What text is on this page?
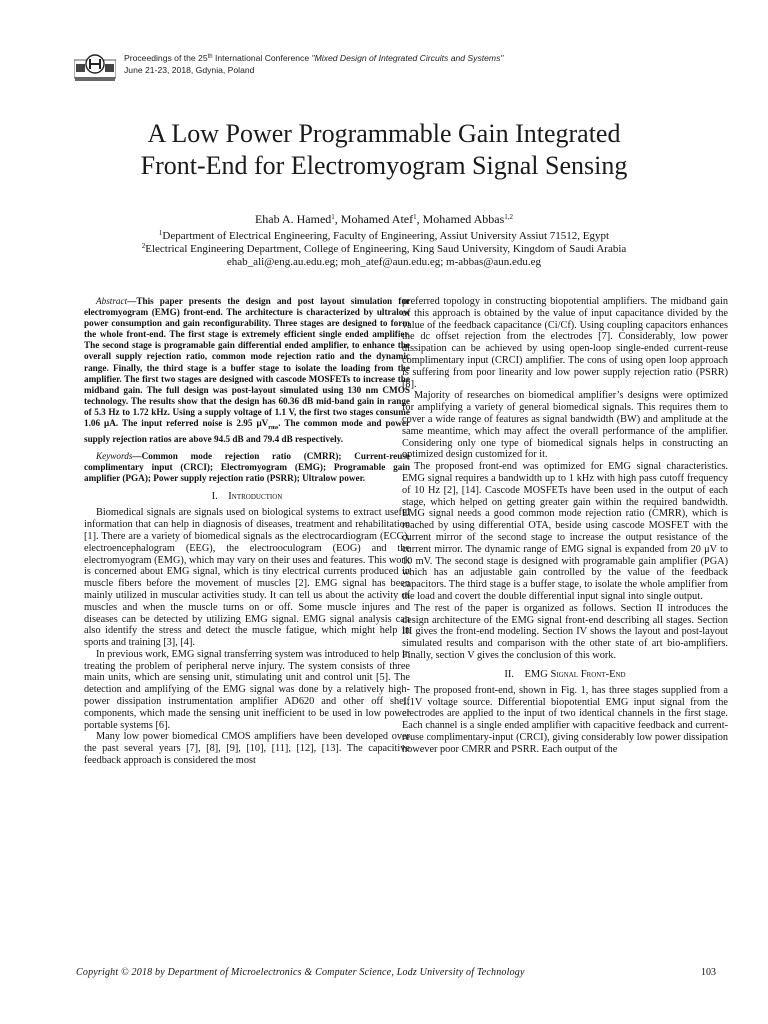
Proceedings of the 25th International Conference "Mixed Design of Integrated Circuits and Systems"
June 21-23, 2018, Gdynia, Poland
A Low Power Programmable Gain Integrated
Front-End for Electromyogram Signal Sensing
Ehab A. Hamed$^1$, Mohamed Atef$^1$, Mohamed Abbas$^{1,2}$
$^1$Department of Electrical Engineering, Faculty of Engineering, Assiut University Assiut 71512, Egypt
$^2$Electrical Engineering Department, College of Engineering, King Saud University, Kingdom of Saudi Arabia
ehab_ali@eng.au.edu.eg; moh_atef@aun.edu.eg; m-abbas@aun.edu.eg

Abstract—This paper presents the design and post layout simulation for electromyogram (EMG) front-end. The architecture is characterized by ultralow power consumption and gain reconfigurability. Three stages are designed to form the whole front-end. The first stage is extremely efficient single ended amplifier. The second stage is programable gain differential ended amplifier, to enhance the overall supply rejection ratio, common mode rejection ratio and the dynamic range. Finally, the third stage is a buffer stage to isolate the loading from the amplifier. The first two stages are designed with cascode MOSFETs to increase the midband gain. The full design was post-layout simulated using 130 nm CMOS technology. The results show that the design has 60.36 dB mid-band gain in range of 5.3 Hz to 1.72 kHz. Using a supply voltage of 1.1 V, the first two stages consume 1.06 μA. The input referred noise is 2.95 $\mu V_{rms}$. The common mode and power supply rejection ratios are above 94.5 dB and 79.4 dB respectively.

Keywords—Common mode rejection ratio (CMRR); Current-reuse complimentary input (CRCI); Electromyogram (EMG); Programable gain amplifier (PGA); Power supply rejection ratio (PSRR); Ultralow power.

I. Introduction

Biomedical signals are signals used on biological systems to extract useful information that can help in diagnosis of diseases, treatment and rehabilitation [1]. There are a variety of biomedical signals as the electrocardiogram (ECG), electroencephalogram (EEG), the electrooculogram (EOG) and the electromyogram (EMG), which may vary on their uses and features. This work is concerned about EMG signal, which is tiny electrical currents produced in muscle fibers before the movement of muscles [2]. EMG signal has been mainly utilized in muscular activities study. It can tell us about the activity of muscles and when the muscle turns on or off. Some muscle injures and diseases can be detected by utilizing EMG signal. EMG signal analysis can also identify the stress and detect the muscle fatigue, which might help in sports and training [3], [4].

In previous work, EMG signal transferring system was introduced to help in treating the problem of peripheral nerve injury. The system consists of three main units, which are sensing unit, stimulating unit and control unit [5]. The detection and amplifying of the EMG signal was done by a relatively high-power dissipation instrumentation amplifier AD620 and other off shelf components, which made the sensing unit inefficient to be used in low power portable systems [6].

Many low power biomedical CMOS amplifiers have been developed over the past several years [7], [8], [9], [10], [11], [12], [13]. The capacitive feedback approach is considered the most

preferred topology in constructing biopotential amplifiers. The midband gain of this approach is obtained by the value of input capacitance divided by the value of the feedback capacitance (Ci/Cf). Using coupling capacitors enhances the dc offset rejection from the electrodes [7]. Considerably, low power dissipation can be achieved by using open-loop single-ended current-reuse complimentary input (CRCI) amplifier. The cons of using open loop approach is suffering from poor linearity and low power supply rejection ratio (PSRR) [8].

Majority of researches on biomedical amplifier’s designs were optimized for amplifying a variety of general biomedical signals. This requires them to cover a wide range of features as signal bandwidth (BW) and amplitude at the same meantime, which may affect the overall performance of the amplifier. Considering only one type of biomedical signals helps in constructing an optimized design customized for it.

The proposed front-end was optimized for EMG signal characteristics. EMG signal requires a bandwidth up to 1 kHz with high pass cutoff frequency of 10 Hz [2], [14]. Cascode MOSFETs have been used in the output of each stage, which helped on getting greater gain within the required bandwidth. EMG signal needs a good common mode rejection ratio (CMRR), which is reached by using differential OTA, beside using cascode MOSFET with the current mirror of the second stage to increase the output resistance of the current mirror. The dynamic range of EMG signal is expanded from 20 μV to 10 mV. The second stage is designed with programable gain amplifier (PGA) which has an adjustable gain controlled by the value of the feedback capacitors. The third stage is a buffer stage, to isolate the whole amplifier from the load and covert the double differential input signal into single output.

The rest of the paper is organized as follows. Section II introduces the design architecture of the EMG signal front-end describing all stages. Section III gives the front-end modeling. Section IV shows the layout and post-layout simulated results and comparison with the other state of art bio-amplifiers. Finally, section V gives the conclusion of this work.

II. EMG Signal Front-End

The proposed front-end, shown in Fig. 1, has three stages supplied from a 1.1V voltage source. Differential biopotential EMG input signal from the electrodes are applied to the input of two identical channels in the first stage. Each channel is a single ended amplifier with capacitive feedback and current-reuse complimentary-input (CRCI), giving considerably low power dissipation however poor CMRR and PSRR. Each output of the

Copyright © 2018 by Department of Microelectronics & Computer Science, Lodz University of Technology	103
